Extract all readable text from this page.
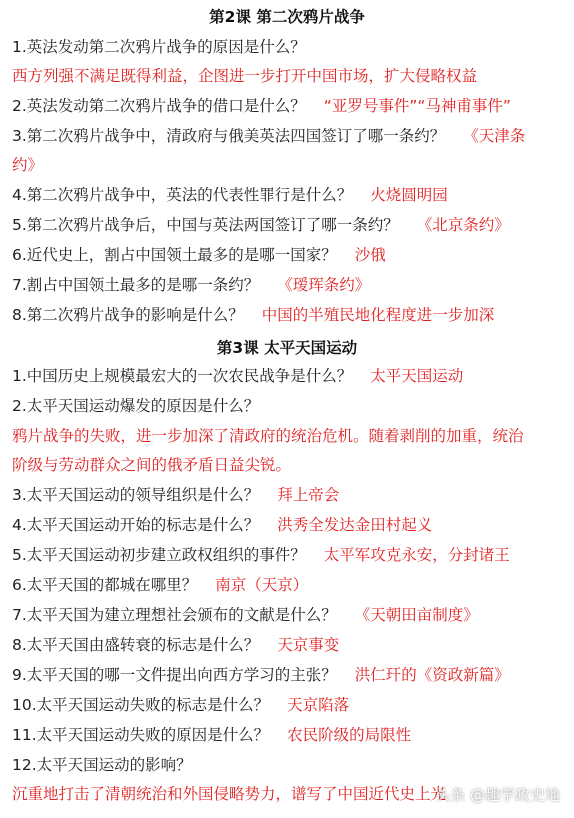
第2课 第二次鸦片战争
1.英法发动第二次鸦片战争的原因是什么？
西方列强不满足既得利益，企图进一步打开中国市场，扩大侵略权益
2.英法发动第二次鸦片战争的借口是什么？ “亚罗号事件”“马神甫事件”
3.第二次鸦片战争中，清政府与俄美英法四国签订了哪一条约？ 《天津条
约》
4.第二次鸦片战争中，英法的代表性罪行是什么？ 火烧圆明园
5.第二次鸦片战争后，中国与英法两国签订了哪一条约？ 《北京条约》
6.近代史上，割占中国领土最多的是哪一国家？ 沙俄
7.割占中国领土最多的是哪一条约？ 《瑷珲条约》
8.第二次鸦片战争的影响是什么？ 中国的半殖民地化程度进一步加深
第3课 太平天国运动
1.中国历史上规模最宏大的一次农民战争是什么？ 太平天国运动
2.太平天国运动爆发的原因是什么？
鸦片战争的失败，进一步加深了清政府的统治危机。随着剥削的加重，统治
阶级与劳动群众之间的俄矛盾日益尖锐。
3.太平天国运动的领导组织是什么？ 拜上帝会
4.太平天国运动开始的标志是什么？ 洪秀全发达金田村起义
5.太平天国运动初步建立政权组织的事件？ 太平军攻克永安，分封诸王
6.太平天国的都城在哪里？ 南京（天京）
7.太平天国为建立理想社会颁布的文献是什么？ 《天朝田亩制度》
8.太平天国由盛转衰的标志是什么？ 天京事变
9.太平天国的哪一文件提出向西方学习的主张？ 洪仁玕的《资政新篇》
10.太平天国运动失败的标志是什么？ 天京陷落
11.太平天国运动失败的原因是什么？ 农民阶级的局限性
12.太平天国运动的影响？
沉重地打击了清朝统治和外国侵略势力，谱写了中国近代史上光
头条 @趣学政史地
